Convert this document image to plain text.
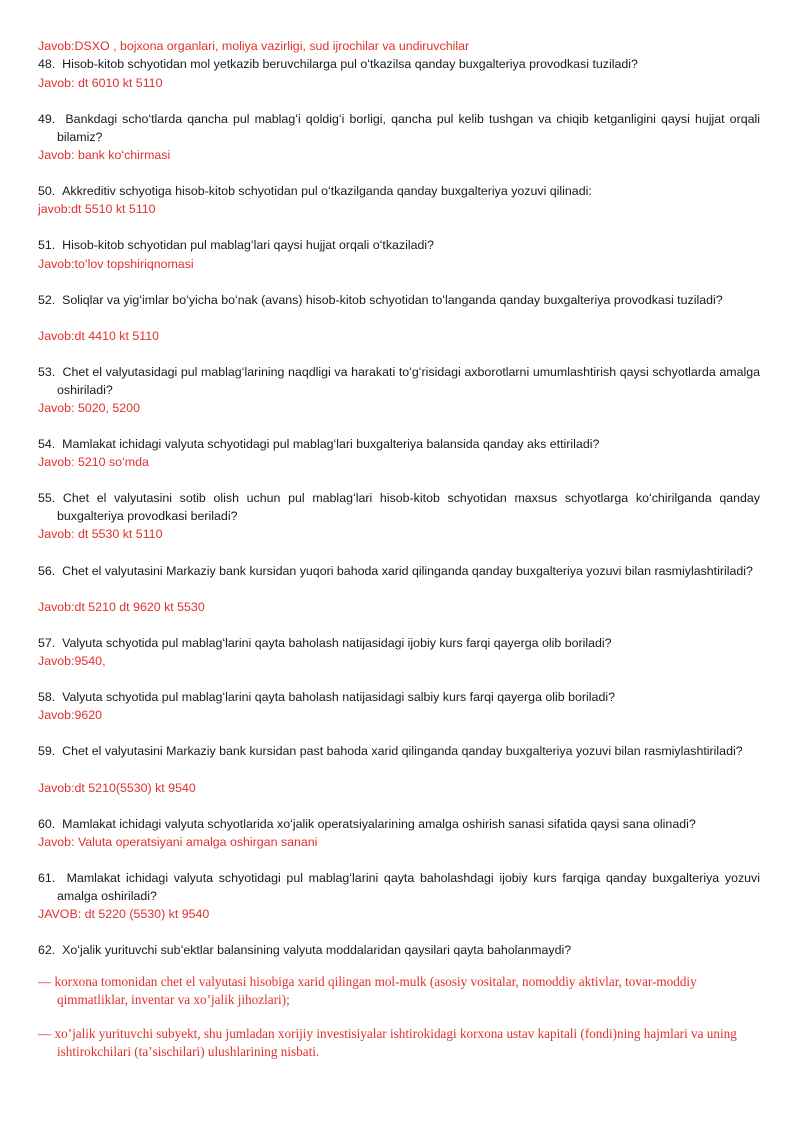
Javob:DSXO , bojxona organlari, moliya vazirligi, sud ijrochilar va undiruvchilar
48. Hisob-kitob schyotidan mol yetkazib beruvchilarga pul oʻtkazilsa qanday buxgalteriya provodkasi tuziladi?
Javob: dt 6010 kt 5110
49. Bankdagi schoʻtlarda qancha pul mablagʻi qoldigʻi borligi, qancha pul kelib tushgan va chiqib ketganligini qaysi hujjat orqali bilamiz?
Javob: bank koʻchirmasi
50. Akkreditiv schyotiga hisob-kitob schyotidan pul oʻtkazilganda qanday buxgalteriya yozuvi qilinadi:
javob:dt 5510 kt 5110
51. Hisob-kitob schyotidan pul mablagʻlari qaysi hujjat orqali oʻtkaziladi?
Javob:toʻlov topshiriqnomasi
52. Soliqlar va yigʻimlar boʻyicha boʻnak (avans) hisob-kitob schyotidan toʻlanganda qanday buxgalteriya provodkasi tuziladi?
Javob:dt 4410 kt 5110
53. Chet el valyutasidagi pul mablagʻlarining naqdligi va harakati toʻgʻrisidagi axborotlarni umumlashtirish qaysi schyotlarda amalga oshiriladi?
Javob: 5020, 5200
54. Mamlakat ichidagi valyuta schyotidagi pul mablagʻlari buxgalteriya balansida qanday aks ettiriladi?
Javob: 5210 soʻmda
55. Chet el valyutasini sotib olish uchun pul mablagʻlari hisob-kitob schyotidan maxsus schyotlarga koʻchirilganda qanday buxgalteriya provodkasi beriladi?
Javob: dt 5530 kt 5110
56. Chet el valyutasini Markaziy bank kursidan yuqori bahoda xarid qilinganda qanday buxgalteriya yozuvi bilan rasmiylashtiriladi?
Javob:dt 5210 dt 9620 kt 5530
57. Valyuta schyotida pul mablagʻlarini qayta baholash natijasidagi ijobiy kurs farqi qayerga olib boriladi?
Javob:9540,
58. Valyuta schyotida pul mablagʻlarini qayta baholash natijasidagi salbiy kurs farqi qayerga olib boriladi?
Javob:9620
59. Chet el valyutasini Markaziy bank kursidan past bahoda xarid qilinganda qanday buxgalteriya yozuvi bilan rasmiylashtiriladi?
Javob:dt 5210(5530) kt 9540
60. Mamlakat ichidagi valyuta schyotlarida xoʻjalik operatsiyalarining amalga oshirish sanasi sifatida qaysi sana olinadi?
Javob: Valuta operatsiyani amalga oshirgan sanani
61. Mamlakat ichidagi valyuta schyotidagi pul mablagʻlarini qayta baholashdagi ijobiy kurs farqiga qanday buxgalteriya yozuvi amalga oshiriladi?
JAVOB: dt 5220 (5530) kt 9540
62. Xoʻjalik yurituvchi subʻektlar balansining valyuta moddalaridan qaysilari qayta baholanmaydi?
— korxona tomonidan chet el valyutasi hisobiga xarid qilingan mol-mulk (asosiy vositalar, nomoddiy aktivlar, tovar-moddiy qimmatliklar, inventar va xoʼjalik jihozlari);
— xoʼjalik yurituvchi subyekt, shu jumladan xorijiy investisiyalar ishtirokidagi korxona ustav kapitali (fondi)ning hajmlari va uning ishtirokchilari (taʼsischilari) ulushlarining nisbati.
